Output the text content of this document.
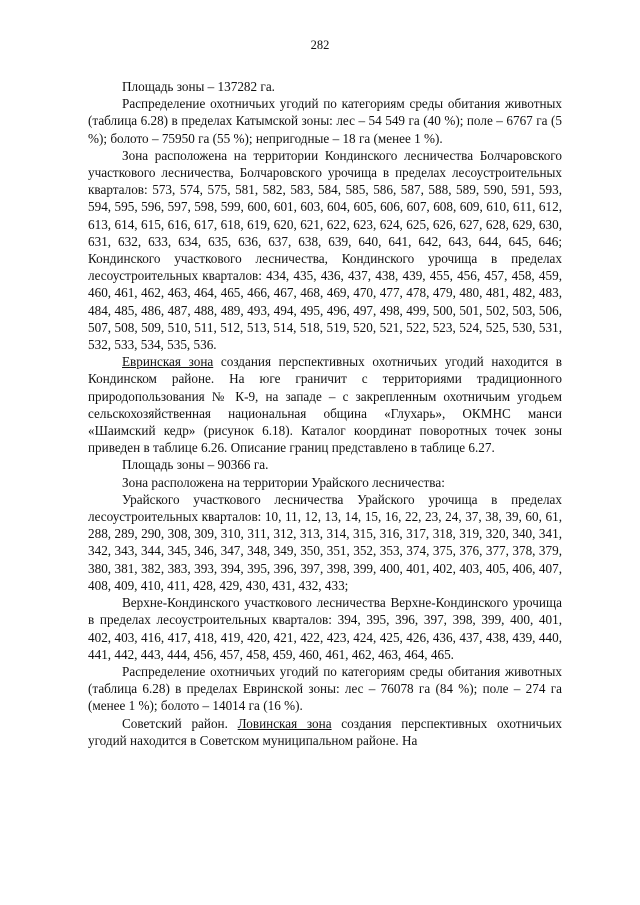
282

Площадь зоны – 137282 га.

Распределение охотничьих угодий по категориям среды обитания животных (таблица 6.28) в пределах Катымской зоны: лес – 54 549 га (40 %); поле – 6767 га (5 %); болото – 75950 га (55 %); непригодные – 18 га (менее 1 %).

Зона расположена на территории Кондинского лесничества Болчаровского участкового лесничества, Болчаровского урочища в пределах лесоустроительных кварталов: 573, 574, 575, 581, 582, 583, 584, 585, 586, 587, 588, 589, 590, 591, 593, 594, 595, 596, 597, 598, 599, 600, 601, 603, 604, 605, 606, 607, 608, 609, 610, 611, 612, 613, 614, 615, 616, 617, 618, 619, 620, 621, 622, 623, 624, 625, 626, 627, 628, 629, 630, 631, 632, 633, 634, 635, 636, 637, 638, 639, 640, 641, 642, 643, 644, 645, 646; Кондинского участкового лесничества, Кондинского урочища в пределах лесоустроительных кварталов: 434, 435, 436, 437, 438, 439, 455, 456, 457, 458, 459, 460, 461, 462, 463, 464, 465, 466, 467, 468, 469, 470, 477, 478, 479, 480, 481, 482, 483, 484, 485, 486, 487, 488, 489, 493, 494, 495, 496, 497, 498, 499, 500, 501, 502, 503, 506, 507, 508, 509, 510, 511, 512, 513, 514, 518, 519, 520, 521, 522, 523, 524, 525, 530, 531, 532, 533, 534, 535, 536.

Евринская зона создания перспективных охотничьих угодий находится в Кондинском районе. На юге граничит с территориями традиционного природопользования № К-9, на западе – с закрепленным охотничьим угодьем сельскохозяйственная национальная община «Глухарь», ОКМНС манси «Шаимский кедр» (рисунок 6.18). Каталог координат поворотных точек зоны приведен в таблице 6.26. Описание границ представлено в таблице 6.27.

Площадь зоны – 90366 га.

Зона расположена на территории Урайского лесничества:

Урайского участкового лесничества Урайского урочища в пределах лесоустроительных кварталов: 10, 11, 12, 13, 14, 15, 16, 22, 23, 24, 37, 38, 39, 60, 61, 288, 289, 290, 308, 309, 310, 311, 312, 313, 314, 315, 316, 317, 318, 319, 320, 340, 341, 342, 343, 344, 345, 346, 347, 348, 349, 350, 351, 352, 353, 374, 375, 376, 377, 378, 379, 380, 381, 382, 383, 393, 394, 395, 396, 397, 398, 399, 400, 401, 402, 403, 405, 406, 407, 408, 409, 410, 411, 428, 429, 430, 431, 432, 433;

Верхне-Кондинского участкового лесничества Верхне-Кондинского урочища в пределах лесоустроительных кварталов: 394, 395, 396, 397, 398, 399, 400, 401, 402, 403, 416, 417, 418, 419, 420, 421, 422, 423, 424, 425, 426, 436, 437, 438, 439, 440, 441, 442, 443, 444, 456, 457, 458, 459, 460, 461, 462, 463, 464, 465.

Распределение охотничьих угодий по категориям среды обитания животных (таблица 6.28) в пределах Евринской зоны: лес – 76078 га (84 %); поле – 274 га (менее 1 %); болото – 14014 га (16 %).

Советский район. Ловинская зона создания перспективных охотничьих угодий находится в Советском муниципальном районе. На
